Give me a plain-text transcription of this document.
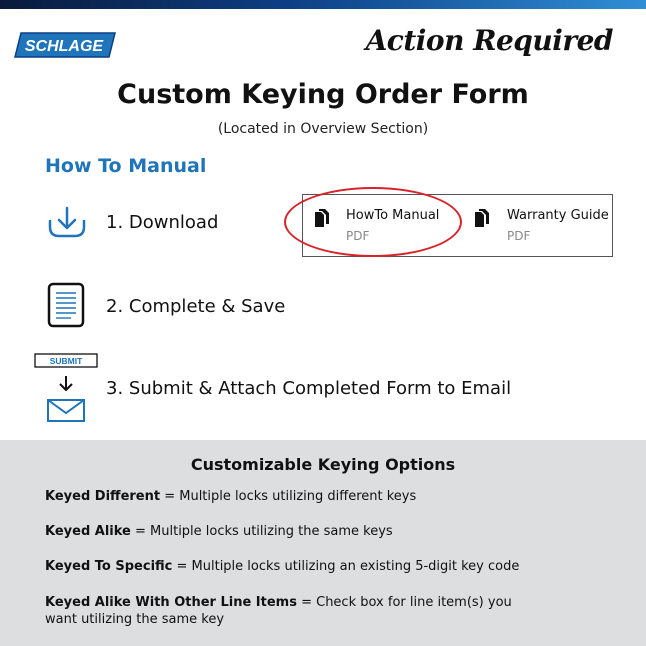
SCHLAGE	Action Required
Custom Keying Order Form
(Located in Overview Section)
How To Manual
1. Download
2. Complete & Save
SUBMIT
3. Submit & Attach Completed Form to Email
HowTo Manual
PDF
Warranty Guide
PDF
Customizable Keying Options
Keyed Different = Multiple locks utilizing different keys
Keyed Alike = Multiple locks utilizing the same keys
Keyed To Specific = Multiple locks utilizing an existing 5-digit key code
Keyed Alike With Other Line Items = Check box for line item(s) you want utilizing the same key
